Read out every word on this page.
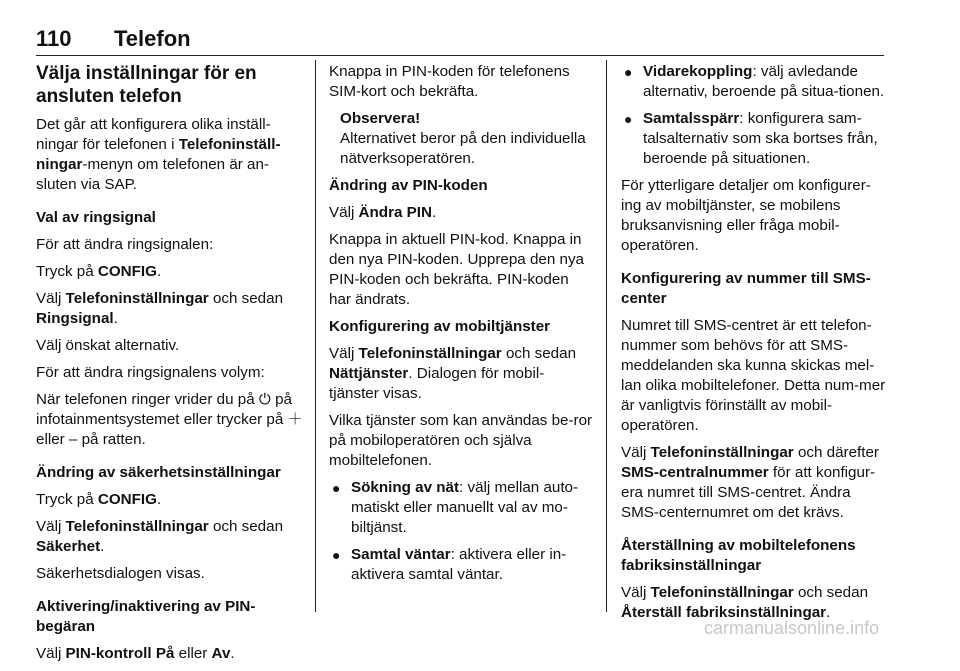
110 Telefon
Välja inställningar för en ansluten telefon

Det går att konfigurera olika inställ-ningar för telefonen i Telefoninställ-ningar-menyn om telefonen är an-sluten via SAP.

Val av ringsignal

För att ändra ringsignalen:

Tryck på CONFIG.

Välj Telefoninställningar och sedan Ringsignal.

Välj önskat alternativ.

För att ändra ringsignalens volym:

När telefonen ringer vrider du på ⏻ på infotainmentsystemet eller trycker på ＋ eller – på ratten.

Ändring av säkerhetsinställningar

Tryck på CONFIG.

Välj Telefoninställningar och sedan Säkerhet.

Säkerhetsdialogen visas.

Aktivering/inaktivering av PIN-begäran

Välj PIN-kontroll På eller Av.

Knappa in PIN-koden för telefonens SIM-kort och bekräfta.

Observera!
Alternativet beror på den individuella nätverksoperatören.

Ändring av PIN-koden

Välj Ändra PIN.

Knappa in aktuell PIN-kod. Knappa in den nya PIN-koden. Upprepa den nya PIN-koden och bekräfta. PIN-koden har ändrats.

Konfigurering av mobiltjänster

Välj Telefoninställningar och sedan Nättjänster. Dialogen för mobil-tjänster visas.

Vilka tjänster som kan användas be-ror på mobiloperatören och själva mobiltelefonen.

● Sökning av nät: välj mellan auto-matiskt eller manuellt val av mo-biltjänst.
● Samtal väntar: aktivera eller in-aktivera samtal väntar.
● Vidarekoppling: välj avledande alternativ, beroende på situa-tionen.
● Samtalsspärr: konfigurera sam-talsalternativ som ska bortses från, beroende på situationen.

För ytterligare detaljer om konfigurer-ing av mobiltjänster, se mobilens bruksanvisning eller fråga mobil-operatören.

Konfigurering av nummer till SMS-center

Numret till SMS-centret är ett telefon-nummer som behövs för att SMS-meddelanden ska kunna skickas mel-lan olika mobiltelefoner. Detta num-mer är vanligtvis förinställt av mobil-operatören.

Välj Telefoninställningar och därefter SMS-centralnummer för att konfigur-era numret till SMS-centret. Ändra SMS-centernumret om det krävs.

Återställning av mobiltelefonens fabriksinställningar

Välj Telefoninställningar och sedan Återställ fabriksinställningar.

carmanualsonline.info
